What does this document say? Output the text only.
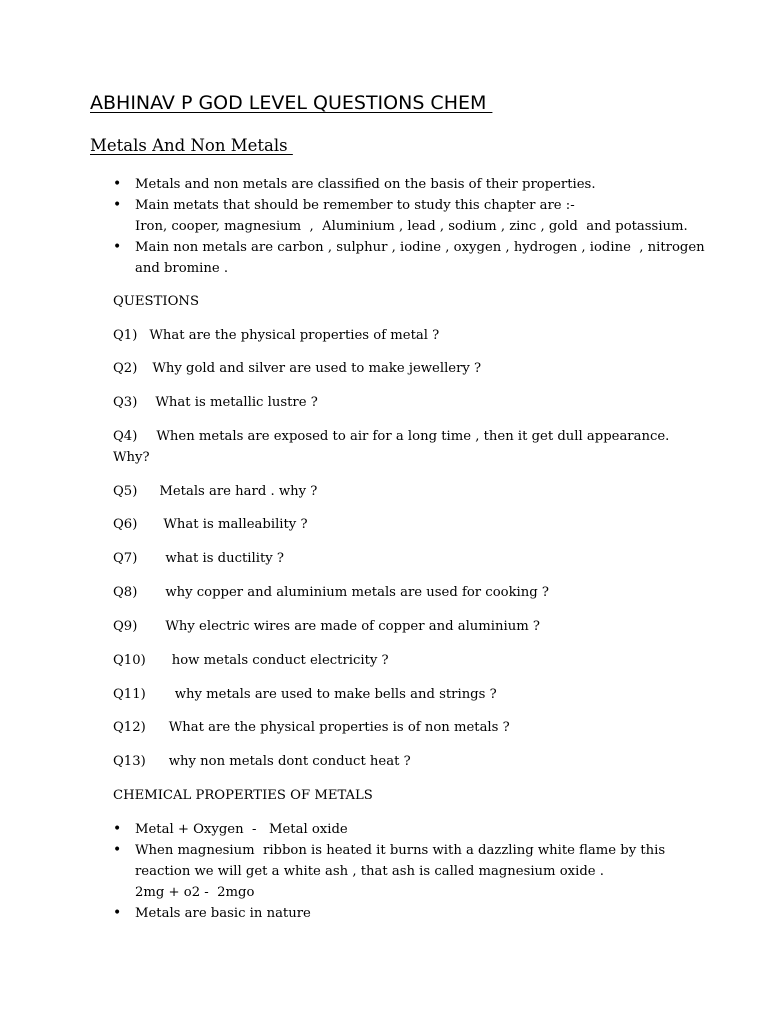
ABHINAV P GOD LEVEL QUESTIONS CHEM
Metals And Non Metals
• Metals and non metals are classified on the basis of their properties.
• Main metats that should be remember to study this chapter are :-
Iron, cooper, magnesium  ,  Aluminium , lead , sodium , zinc , gold  and potassium.
• Main non metals are carbon , sulphur , iodine , oxygen , hydrogen , iodine  , nitrogen
and bromine .
QUESTIONS
Q1) What are the physical properties of metal ?
Q2) Why gold and silver are used to make jewellery ?
Q3) What is metallic lustre ?
Q4) When metals are exposed to air for a long time , then it get dull appearance.
Why?
Q5) Metals are hard . why ?
Q6) What is malleability ?
Q7) what is ductility ?
Q8) why copper and aluminium metals are used for cooking ?
Q9) Why electric wires are made of copper and aluminium ?
Q10) how metals conduct electricity ?
Q11) why metals are used to make bells and strings ?
Q12) What are the physical properties is of non metals ?
Q13) why non metals dont conduct heat ?
CHEMICAL PROPERTIES OF METALS
• Metal + Oxygen  -   Metal oxide
• When magnesium  ribbon is heated it burns with a dazzling white flame by this
reaction we will get a white ash , that ash is called magnesium oxide .
2mg + o2 -  2mgo
• Metals are basic in nature
